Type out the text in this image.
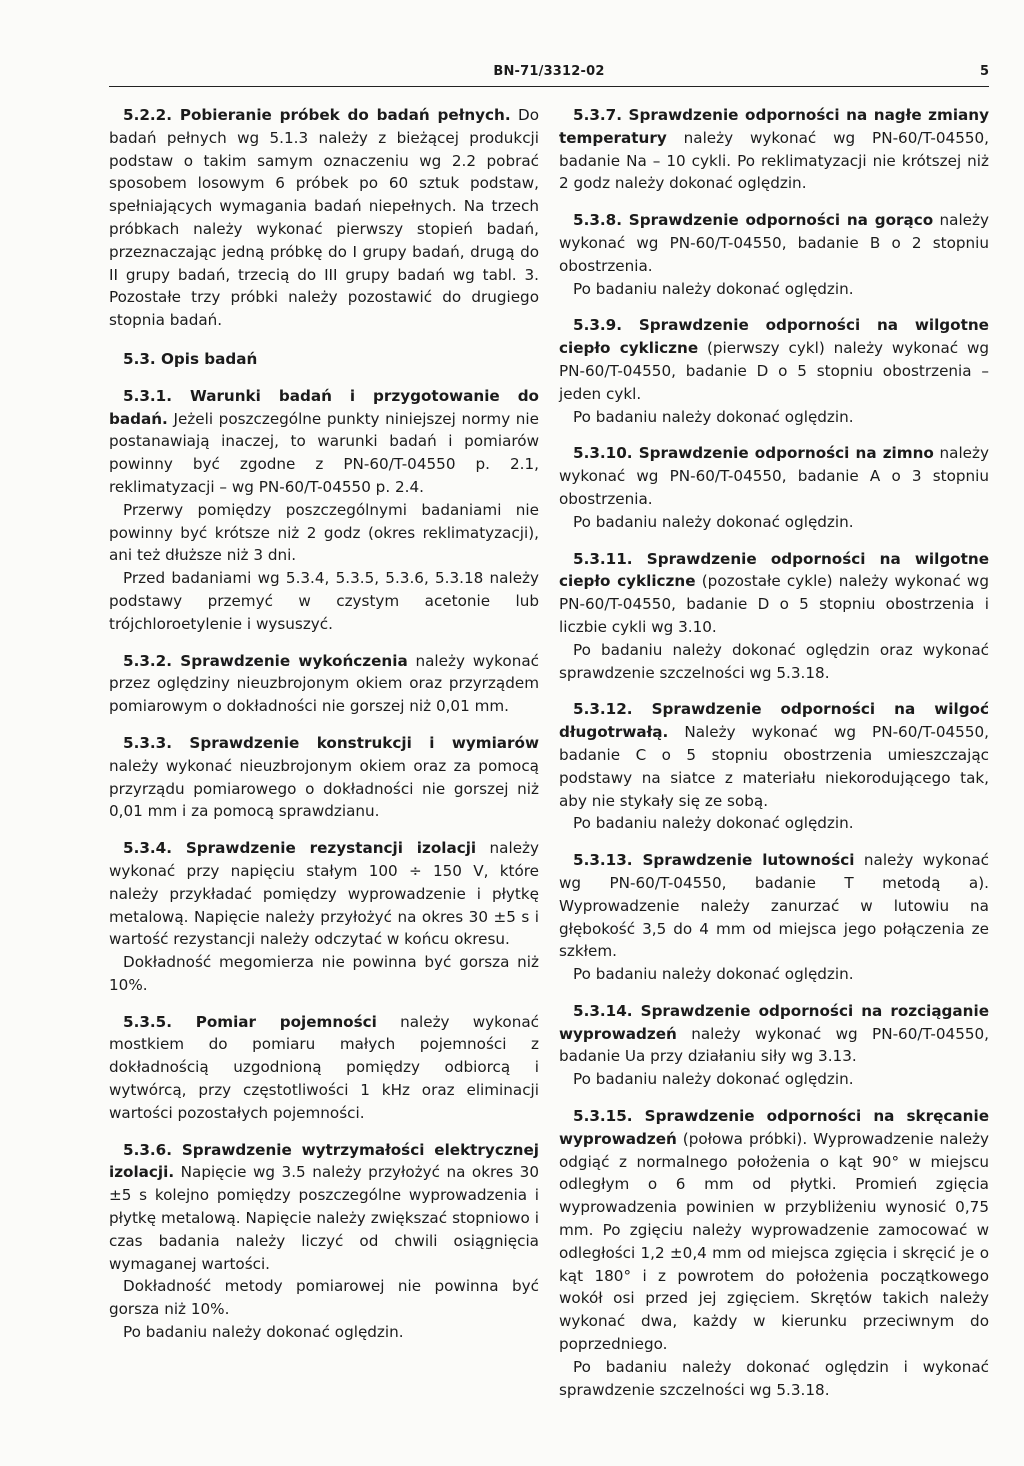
BN-71/3312-02	5

5.2.2. Pobieranie próbek do badań pełnych. Do badań pełnych wg 5.1.3 należy z bieżącej produkcji podstaw o takim samym oznaczeniu wg 2.2 pobrać sposobem losowym 6 próbek po 60 sztuk podstaw, spełniających wymagania badań niepełnych. Na trzech próbkach należy wykonać pierwszy stopień badań, przeznaczając jedną próbkę do I grupy badań, drugą do II grupy badań, trzecią do III grupy badań wg tabl. 3. Pozostałe trzy próbki należy pozostawić do drugiego stopnia badań.

5.3. Opis badań

5.3.1. Warunki badań i przygotowanie do badań. Jeżeli poszczególne punkty niniejszej normy nie postanawiają inaczej, to warunki badań i pomiarów powinny być zgodne z PN-60/T-04550 p. 2.1, reklimatyzacji – wg PN-60/T-04550 p. 2.4.

Przerwy pomiędzy poszczególnymi badaniami nie powinny być krótsze niż 2 godz (okres reklimatyzacji), ani też dłuższe niż 3 dni.

Przed badaniami wg 5.3.4, 5.3.5, 5.3.6, 5.3.18 należy podstawy przemyć w czystym acetonie lub trójchloroetylenie i wysuszyć.

5.3.2. Sprawdzenie wykończenia należy wykonać przez oględziny nieuzbrojonym okiem oraz przyrządem pomiarowym o dokładności nie gorszej niż 0,01 mm.

5.3.3. Sprawdzenie konstrukcji i wymiarów należy wykonać nieuzbrojonym okiem oraz za pomocą przyrządu pomiarowego o dokładności nie gorszej niż 0,01 mm i za pomocą sprawdzianu.

5.3.4. Sprawdzenie rezystancji izolacji należy wykonać przy napięciu stałym 100 ÷ 150 V, które należy przykładać pomiędzy wyprowadzenie i płytkę metalową. Napięcie należy przyłożyć na okres 30 ±5 s i wartość rezystancji należy odczytać w końcu okresu.

Dokładność megomierza nie powinna być gorsza niż 10%.

5.3.5. Pomiar pojemności należy wykonać mostkiem do pomiaru małych pojemności z dokładnością uzgodnioną pomiędzy odbiorcą i wytwórcą, przy częstotliwości 1 kHz oraz eliminacji wartości pozostałych pojemności.

5.3.6. Sprawdzenie wytrzymałości elektrycznej izolacji. Napięcie wg 3.5 należy przyłożyć na okres 30 ±5 s kolejno pomiędzy poszczególne wyprowadzenia i płytkę metalową. Napięcie należy zwiększać stopniowo i czas badania należy liczyć od chwili osiągnięcia wymaganej wartości.

Dokładność metody pomiarowej nie powinna być gorsza niż 10%.

Po badaniu należy dokonać oględzin.

5.3.7. Sprawdzenie odporności na nagłe zmiany temperatury należy wykonać wg PN-60/T-04550, badanie Na – 10 cykli. Po reklimatyzacji nie krótszej niż 2 godz należy dokonać oględzin.

5.3.8. Sprawdzenie odporności na gorąco należy wykonać wg PN-60/T-04550, badanie B o 2 stopniu obostrzenia.

Po badaniu należy dokonać oględzin.

5.3.9. Sprawdzenie odporności na wilgotne ciepło cykliczne (pierwszy cykl) należy wykonać wg PN-60/T-04550, badanie D o 5 stopniu obostrzenia – jeden cykl.

Po badaniu należy dokonać oględzin.

5.3.10. Sprawdzenie odporności na zimno należy wykonać wg PN-60/T-04550, badanie A o 3 stopniu obostrzenia.

Po badaniu należy dokonać oględzin.

5.3.11. Sprawdzenie odporności na wilgotne ciepło cykliczne (pozostałe cykle) należy wykonać wg PN-60/T-04550, badanie D o 5 stopniu obostrzenia i liczbie cykli wg 3.10.

Po badaniu należy dokonać oględzin oraz wykonać sprawdzenie szczelności wg 5.3.18.

5.3.12. Sprawdzenie odporności na wilgoć długotrwałą. Należy wykonać wg PN-60/T-04550, badanie C o 5 stopniu obostrzenia umieszczając podstawy na siatce z materiału niekorodującego tak, aby nie stykały się ze sobą.

Po badaniu należy dokonać oględzin.

5.3.13. Sprawdzenie lutowności należy wykonać wg PN-60/T-04550, badanie T metodą a). Wyprowadzenie należy zanurzać w lutowiu na głębokość 3,5 do 4 mm od miejsca jego połączenia ze szkłem.

Po badaniu należy dokonać oględzin.

5.3.14. Sprawdzenie odporności na rozciąganie wyprowadzeń należy wykonać wg PN-60/T-04550, badanie Ua przy działaniu siły wg 3.13.

Po badaniu należy dokonać oględzin.

5.3.15. Sprawdzenie odporności na skręcanie wyprowadzeń (połowa próbki). Wyprowadzenie należy odgiąć z normalnego położenia o kąt 90° w miejscu odległym o 6 mm od płytki. Promień zgięcia wyprowadzenia powinien w przybliżeniu wynosić 0,75 mm. Po zgięciu należy wyprowadzenie zamocować w odległości 1,2 ±0,4 mm od miejsca zgięcia i skręcić je o kąt 180° i z powrotem do położenia początkowego wokół osi przed jej zgięciem. Skrętów takich należy wykonać dwa, każdy w kierunku przeciwnym do poprzedniego.

Po badaniu należy dokonać oględzin i wykonać sprawdzenie szczelności wg 5.3.18.
